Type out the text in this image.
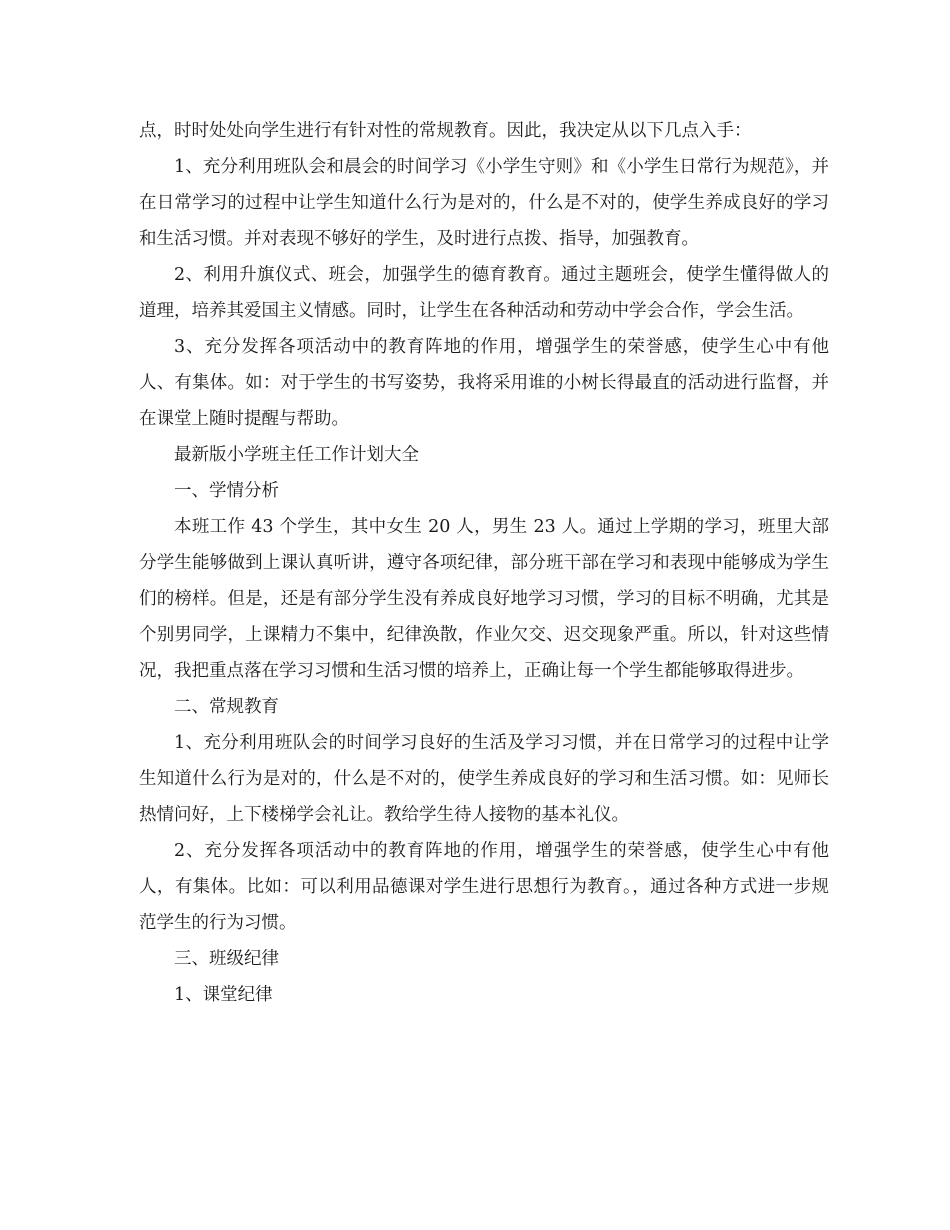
点，时时处处向学生进行有针对性的常规教育。因此，我决定从以下几点入手：

1、充分利用班队会和晨会的时间学习《小学生守则》和《小学生日常行为规范》，并在日常学习的过程中让学生知道什么行为是对的，什么是不对的，使学生养成良好的学习和生活习惯。并对表现不够好的学生，及时进行点拨、指导，加强教育。

2、利用升旗仪式、班会，加强学生的德育教育。通过主题班会，使学生懂得做人的道理，培养其爱国主义情感。同时，让学生在各种活动和劳动中学会合作，学会生活。

3、充分发挥各项活动中的教育阵地的作用，增强学生的荣誉感，使学生心中有他人、有集体。如：对于学生的书写姿势，我将采用谁的小树长得最直的活动进行监督，并在课堂上随时提醒与帮助。

最新版小学班主任工作计划大全

一、学情分析

本班工作 43 个学生，其中女生 20 人，男生 23 人。通过上学期的学习，班里大部分学生能够做到上课认真听讲，遵守各项纪律，部分班干部在学习和表现中能够成为学生们的榜样。但是，还是有部分学生没有养成良好地学习习惯，学习的目标不明确，尤其是个别男同学，上课精力不集中，纪律涣散，作业欠交、迟交现象严重。所以，针对这些情况，我把重点落在学习习惯和生活习惯的培养上，正确让每一个学生都能够取得进步。

二、常规教育

1、充分利用班队会的时间学习良好的生活及学习习惯，并在日常学习的过程中让学生知道什么行为是对的，什么是不对的，使学生养成良好的学习和生活习惯。如：见师长热情问好，上下楼梯学会礼让。教给学生待人接物的基本礼仪。

2、充分发挥各项活动中的教育阵地的作用，增强学生的荣誉感，使学生心中有他人，有集体。比如：可以利用品德课对学生进行思想行为教育。，通过各种方式进一步规范学生的行为习惯。

三、班级纪律

1、课堂纪律
